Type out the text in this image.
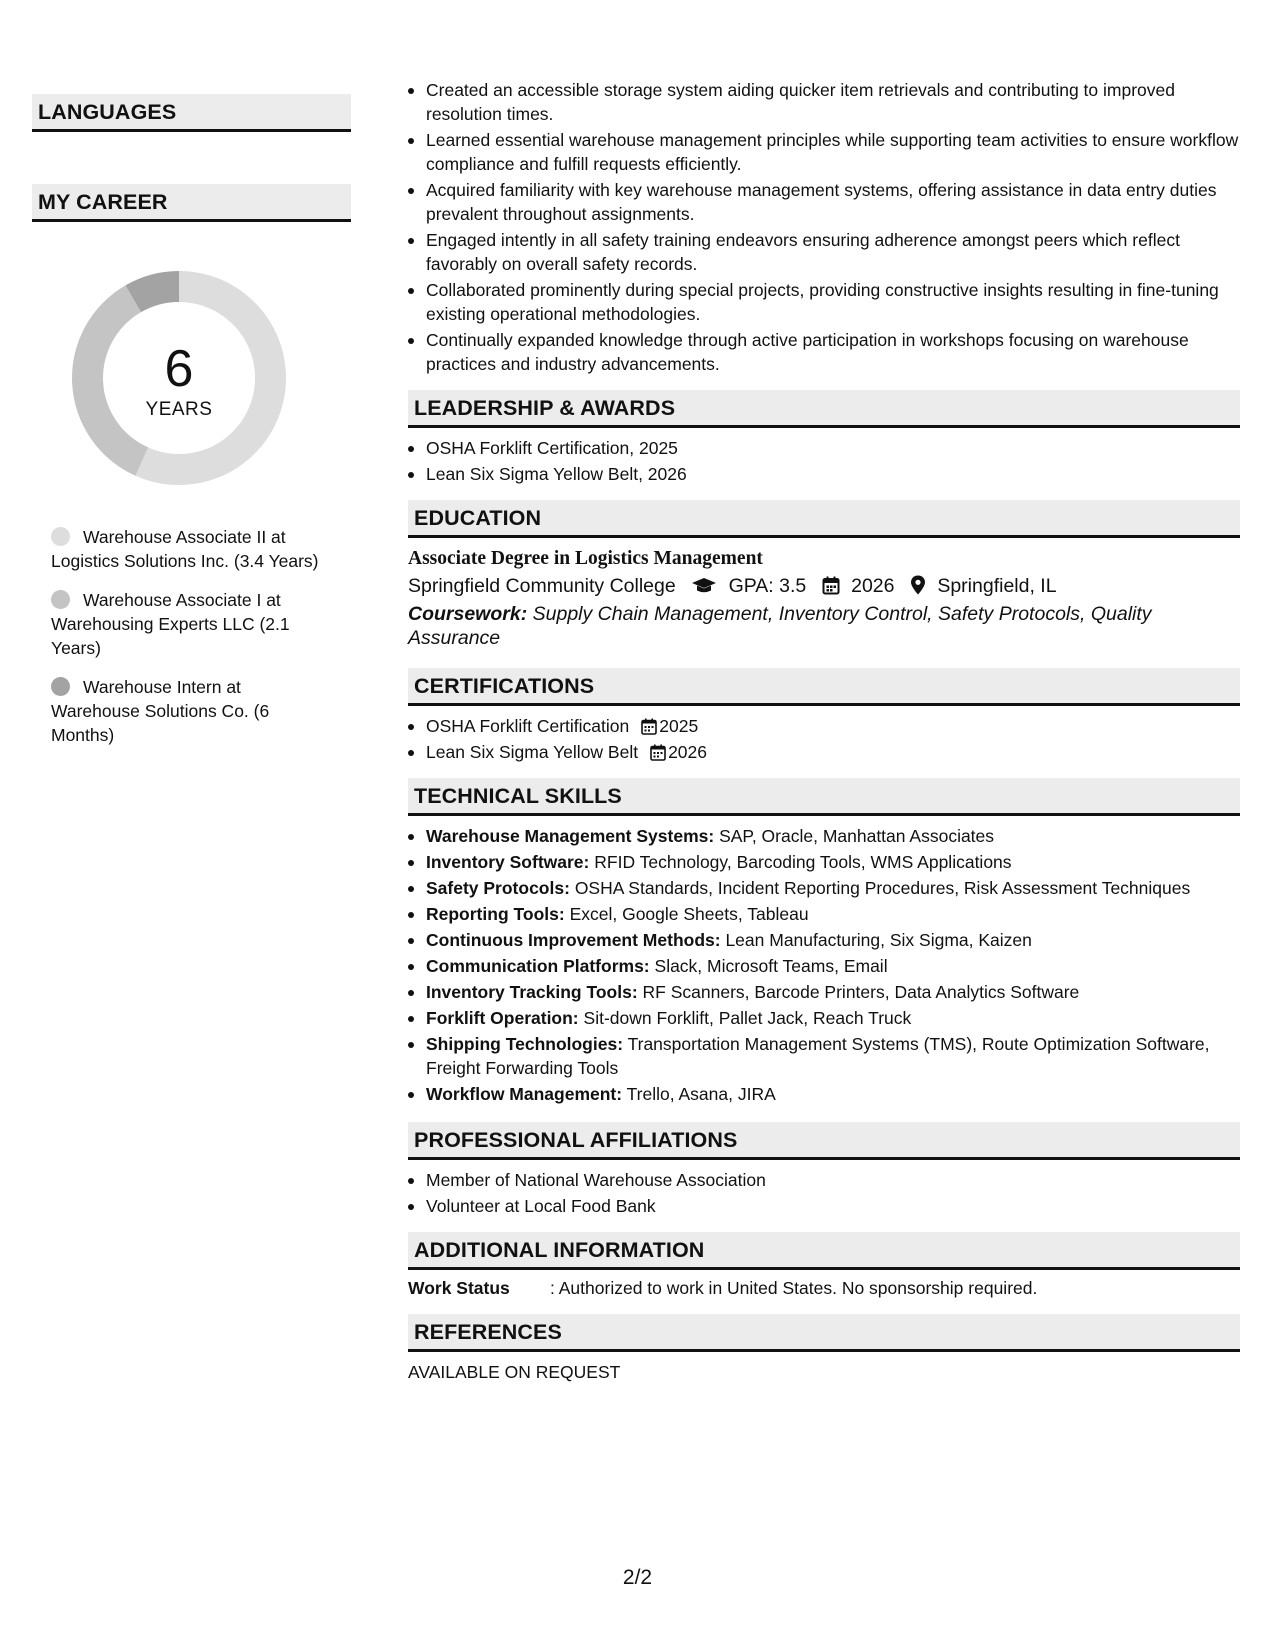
LANGUAGES
MY CAREER
6
YEARS
Warehouse Associate II at Logistics Solutions Inc. (3.4 Years)
Warehouse Associate I at Warehousing Experts LLC (2.1 Years)
Warehouse Intern at Warehouse Solutions Co. (6 Months)
Created an accessible storage system aiding quicker item retrievals and contributing to improved resolution times.
Learned essential warehouse management principles while supporting team activities to ensure workflow compliance and fulfill requests efficiently.
Acquired familiarity with key warehouse management systems, offering assistance in data entry duties prevalent throughout assignments.
Engaged intently in all safety training endeavors ensuring adherence amongst peers which reflect favorably on overall safety records.
Collaborated prominently during special projects, providing constructive insights resulting in fine-tuning existing operational methodologies.
Continually expanded knowledge through active participation in workshops focusing on warehouse practices and industry advancements.
LEADERSHIP & AWARDS
OSHA Forklift Certification, 2025
Lean Six Sigma Yellow Belt, 2026
EDUCATION
Associate Degree in Logistics Management
Springfield Community College	GPA: 3.5 2026 Springfield, IL
Coursework: Supply Chain Management, Inventory Control, Safety Protocols, Quality Assurance
CERTIFICATIONS
OSHA Forklift Certification 2025
Lean Six Sigma Yellow Belt 2026
TECHNICAL SKILLS
Warehouse Management Systems: SAP, Oracle, Manhattan Associates
Inventory Software: RFID Technology, Barcoding Tools, WMS Applications
Safety Protocols: OSHA Standards, Incident Reporting Procedures, Risk Assessment Techniques
Reporting Tools: Excel, Google Sheets, Tableau
Continuous Improvement Methods: Lean Manufacturing, Six Sigma, Kaizen
Communication Platforms: Slack, Microsoft Teams, Email
Inventory Tracking Tools: RF Scanners, Barcode Printers, Data Analytics Software
Forklift Operation: Sit-down Forklift, Pallet Jack, Reach Truck
Shipping Technologies: Transportation Management Systems (TMS), Route Optimization Software, Freight Forwarding Tools
Workflow Management: Trello, Asana, JIRA
PROFESSIONAL AFFILIATIONS
Member of National Warehouse Association
Volunteer at Local Food Bank
ADDITIONAL INFORMATION
Work Status : Authorized to work in United States. No sponsorship required.
REFERENCES
AVAILABLE ON REQUEST
2/2
